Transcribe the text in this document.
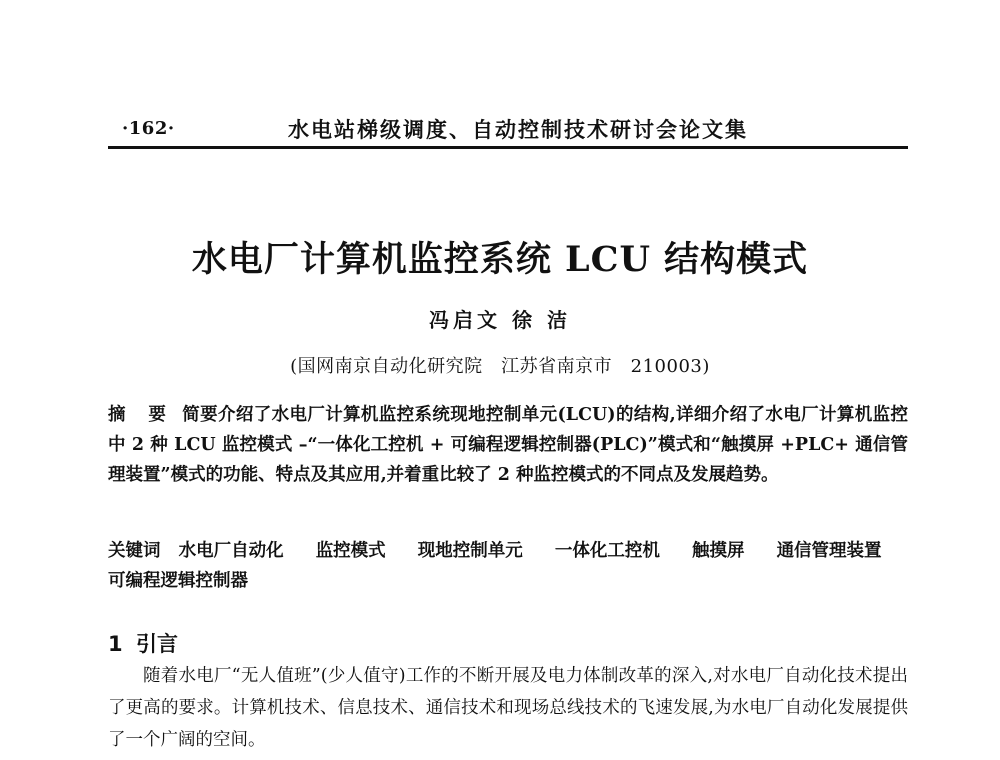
·162·	水电站梯级调度、自动控制技术研讨会论文集
水电厂计算机监控系统 LCU 结构模式
冯启文 徐 洁
(国网南京自动化研究院　江苏省南京市　210003)
摘 要 简要介绍了水电厂计算机监控系统现地控制单元(LCU)的结构,详细介绍了水电厂计算机监控中 2 种 LCU 监控模式 –“一体化工控机 + 可编程逻辑控制器(PLC)”模式和“触摸屏 +PLC+ 通信管理装置”模式的功能、特点及其应用,并着重比较了 2 种监控模式的不同点及发展趋势。
关键词 水电厂自动化 监控模式 现地控制单元 一体化工控机 触摸屏 通信管理装置 可编程逻辑控制器
1 引言
随着水电厂“无人值班”(少人值守)工作的不断开展及电力体制改革的深入,对水电厂自动化技术提出了更高的要求。计算机技术、信息技术、通信技术和现场总线技术的飞速发展,为水电厂自动化发展提供了一个广阔的空间。
